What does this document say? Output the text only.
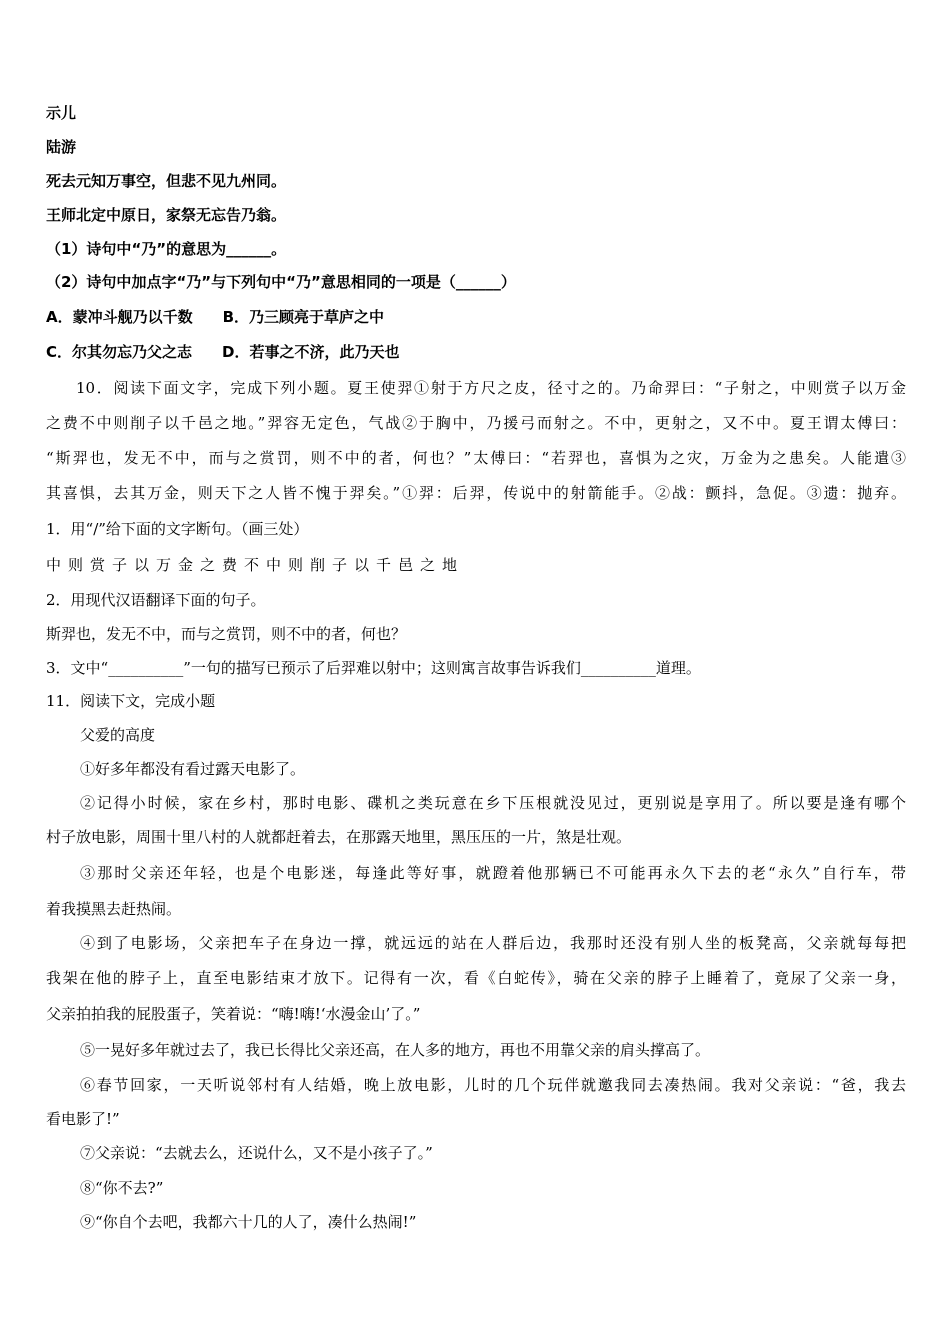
示儿
陆游
死去元知万事空，但悲不见九州同。
王师北定中原日，家祭无忘告乃翁。
（1）诗句中“乃”的意思为______。
（2）诗句中加点字“乃”与下列句中“乃”意思相同的一项是（______）
A．蒙冲斗舰乃以千数　　B．乃三顾亮于草庐之中
C．尔其勿忘乃父之志　　D．若事之不济，此乃天也
10．阅读下面文字，完成下列小题。夏王使羿①射于方尺之皮，径寸之的。乃命羿曰：“子射之，中则赏子以万金
之费不中则削子以千邑之地。”羿容无定色，气战②于胸中，乃援弓而射之。不中，更射之，又不中。夏王谓太傅曰：
“斯羿也，发无不中，而与之赏罚，则不中的者，何也？”太傅曰：“若羿也，喜惧为之灾，万金为之患矣。人能遣③
其喜惧，去其万金，则天下之人皆不愧于羿矣。”①羿：后羿，传说中的射箭能手。②战：颤抖，急促。③遗：抛弃。
1．用“/”给下面的文字断句。（画三处）
中则赏子以万金之费不中则削子以千邑之地
2．用现代汉语翻译下面的句子。
斯羿也，发无不中，而与之赏罚，则不中的者，何也？
3．文中“__________”一句的描写已预示了后羿难以射中；这则寓言故事告诉我们__________道理。
11．阅读下文，完成小题
父爱的高度
①好多年都没有看过露天电影了。
②记得小时候，家在乡村，那时电影、碟机之类玩意在乡下压根就没见过，更别说是享用了。所以要是逢有哪个
村子放电影，周围十里八村的人就都赶着去，在那露天地里，黑压压的一片，煞是壮观。
③那时父亲还年轻，也是个电影迷，每逢此等好事，就蹬着他那辆已不可能再永久下去的老“永久”自行车，带
着我摸黑去赶热闹。
④到了电影场，父亲把车子在身边一撑，就远远的站在人群后边，我那时还没有别人坐的板凳高，父亲就每每把
我架在他的脖子上，直至电影结束才放下。记得有一次，看《白蛇传》，骑在父亲的脖子上睡着了，竟尿了父亲一身，
父亲拍拍我的屁股蛋子，笑着说：“嗨!嗨!‘水漫金山’了。”
⑤一晃好多年就过去了，我已长得比父亲还高，在人多的地方，再也不用靠父亲的肩头撑高了。
⑥春节回家，一天听说邻村有人结婚，晚上放电影，儿时的几个玩伴就邀我同去凑热闹。我对父亲说：“爸，我去
看电影了!”
⑦父亲说：“去就去么，还说什么，又不是小孩子了。”
⑧“你不去?”
⑨“你自个去吧，我都六十几的人了，凑什么热闹!”
